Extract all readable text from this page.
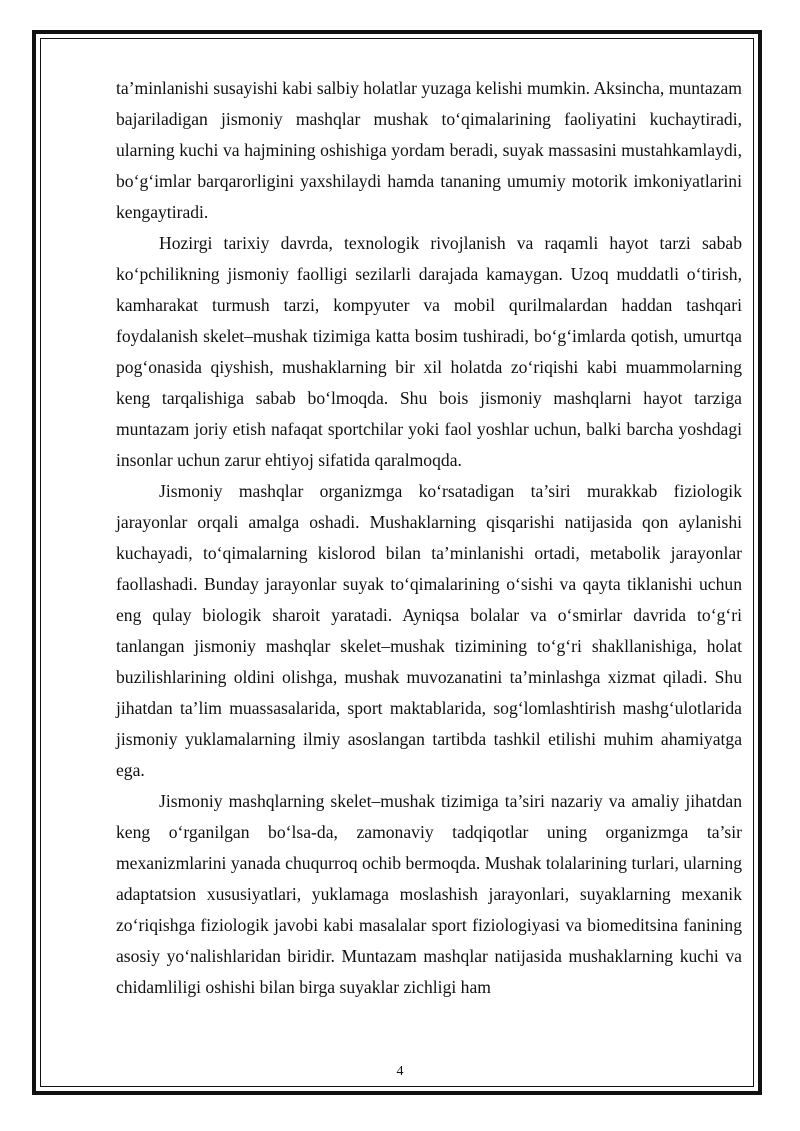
ta’minlanishi susayishi kabi salbiy holatlar yuzaga kelishi mumkin. Aksincha, muntazam bajariladigan jismoniy mashqlar mushak to‘qimalarining faoliyatini kuchaytiradi, ularning kuchi va hajmining oshishiga yordam beradi, suyak massasini mustahkamlaydi, bo‘g‘imlar barqarorligini yaxshilaydi hamda tananing umumiy motorik imkoniyatlarini kengaytiradi.

Hozirgi tarixiy davrda, texnologik rivojlanish va raqamli hayot tarzi sabab ko‘pchilikning jismoniy faolligi sezilarli darajada kamaygan. Uzoq muddatli o‘tirish, kamharakat turmush tarzi, kompyuter va mobil qurilmalardan haddan tashqari foydalanish skelet–mushak tizimiga katta bosim tushiradi, bo‘g‘imlarda qotish, umurtqa pog‘onasida qiyshish, mushaklarning bir xil holatda zo‘riqishi kabi muammolarning keng tarqalishiga sabab bo‘lmoqda. Shu bois jismoniy mashqlarni hayot tarziga muntazam joriy etish nafaqat sportchilar yoki faol yoshlar uchun, balki barcha yoshdagi insonlar uchun zarur ehtiyoj sifatida qaralmoqda.

Jismoniy mashqlar organizmga ko‘rsatadigan ta’siri murakkab fiziologik jarayonlar orqali amalga oshadi. Mushaklarning qisqarishi natijasida qon aylanishi kuchayadi, to‘qimalarning kislorod bilan ta’minlanishi ortadi, metabolik jarayonlar faollashadi. Bunday jarayonlar suyak to‘qimalarining o‘sishi va qayta tiklanishi uchun eng qulay biologik sharoit yaratadi. Ayniqsa bolalar va o‘smirlar davrida to‘g‘ri tanlangan jismoniy mashqlar skelet–mushak tizimining to‘g‘ri shakllanishiga, holat buzilishlarining oldini olishga, mushak muvozanatini ta’minlashga xizmat qiladi. Shu jihatdan ta’lim muassasalarida, sport maktablarida, sog‘lomlashtirish mashg‘ulotlarida jismoniy yuklamalarning ilmiy asoslangan tartibda tashkil etilishi muhim ahamiyatga ega.

Jismoniy mashqlarning skelet–mushak tizimiga ta’siri nazariy va amaliy jihatdan keng o‘rganilgan bo‘lsa-da, zamonaviy tadqiqotlar uning organizmga ta’sir mexanizmlarini yanada chuqurroq ochib bermoqda. Mushak tolalarining turlari, ularning adaptatsion xususiyatlari, yuklamaga moslashish jarayonlari, suyaklarning mexanik zo‘riqishga fiziologik javobi kabi masalalar sport fiziologiyasi va biomeditsina fanining asosiy yo‘nalishlaridan biridir. Muntazam mashqlar natijasida mushaklarning kuchi va chidamliligi oshishi bilan birga suyaklar zichligi ham

4
